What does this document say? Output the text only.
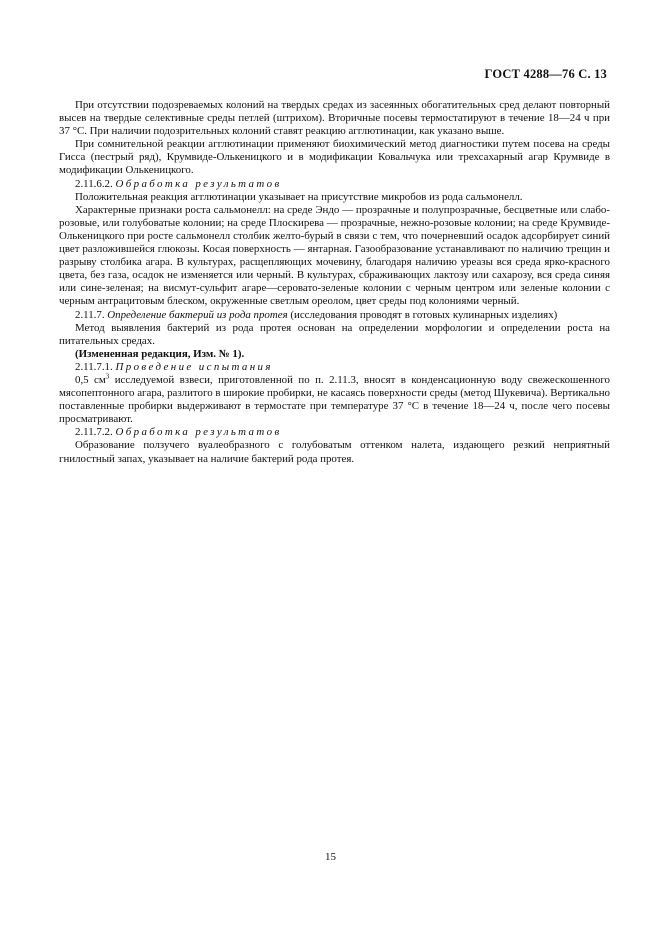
ГОСТ 4288—76 С. 13

При отсутствии подозреваемых колоний на твердых средах из засеянных обогатительных сред делают повторный высев на твердые селективные среды петлей (штрихом). Вторичные посевы термостатируют в течение 18—24 ч при 37 °С. При наличии подозрительных колоний ставят реакцию агглютинации, как указано выше.

При сомнительной реакции агглютинации применяют биохимический метод диагностики путем посева на среды Гисса (пестрый ряд), Крумвиде-Олькеницкого и в модификации Ковальчука или трехсахарный агар Крумвиде в модификации Олькеницкого.

2.11.6.2. Обработка результатов

Положительная реакция агглютинации указывает на присутствие микробов из рода сальмонелл.

Характерные признаки роста сальмонелл: на среде Эндо — прозрачные и полупрозрачные, бесцветные или слабо-розовые, или голубоватые колонии; на среде Плоскирева — прозрачные, нежно-розовые колонии; на среде Крумвиде-Олькеницкого при росте сальмонелл столбик желто-бурый в связи с тем, что почерневший осадок адсорбирует синий цвет разложившейся глюкозы. Косая поверхность — янтарная. Газообразование устанавливают по наличию трещин и разрыву столбика агара. В культурах, расщепляющих мочевину, благодаря наличию уреазы вся среда ярко-красного цвета, без газа, осадок не изменяется или черный. В культурах, сбраживающих лактозу или сахарозу, вся среда синяя или сине-зеленая; на висмут-сульфит агаре—серовато-зеленые колонии с черным центром или зеленые колонии с черным антрацитовым блеском, окруженные светлым ореолом, цвет среды под колониями черный.

2.11.7. Определение бактерий из рода протея (исследования проводят в готовых кулинарных изделиях)

Метод выявления бактерий из рода протея основан на определении морфологии и определении роста на питательных средах.

(Измененная редакция, Изм. № 1).

2.11.7.1. Проведение испытания

0,5 $см^3$ исследуемой взвеси, приготовленной по п. 2.11.3, вносят в конденсационную воду свежескошенного мясопептонного агара, разлитого в широкие пробирки, не касаясь поверхности среды (метод Шукевича). Вертикально поставленные пробирки выдерживают в термостате при температуре 37 °С в течение 18—24 ч, после чего посевы просматривают.

2.11.7.2. Обработка результатов

Образование ползучего вуалеобразного с голубоватым оттенком налета, издающего резкий неприятный гнилостный запах, указывает на наличие бактерий рода протея.

15
